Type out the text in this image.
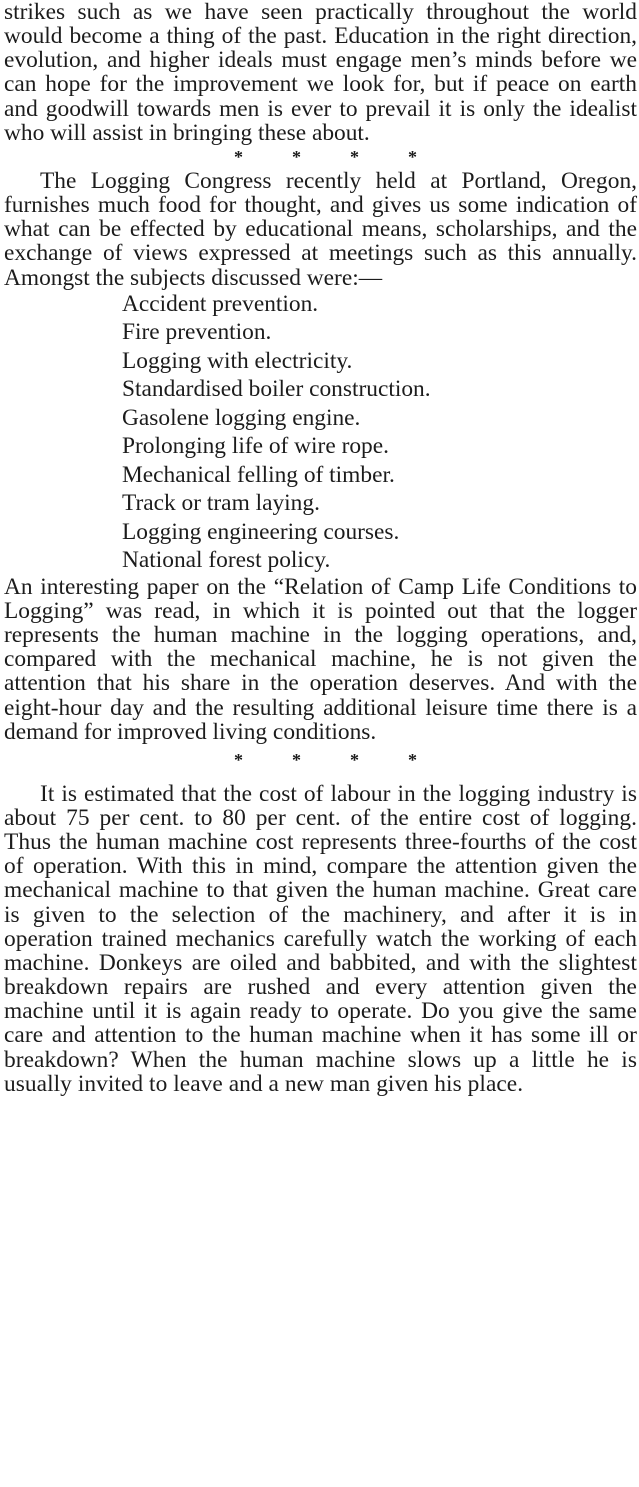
strikes such as we have seen practically throughout the world would become a thing of the past. Education in the right direction, evolution, and higher ideals must engage men’s minds before we can hope for the improvement we look for, but if peace on earth and goodwill towards men is ever to prevail it is only the idealist who will assist in bringing these about.

*	*	*	*

The Logging Congress recently held at Portland, Oregon, furnishes much food for thought, and gives us some indication of what can be effected by educational means, scholarships, and the exchange of views expressed at meetings such as this annually. Amongst the subjects discussed were:—

Accident prevention.
Fire prevention.
Logging with electricity.
Standardised boiler construction.
Gasolene logging engine.
Prolonging life of wire rope.
Mechanical felling of timber.
Track or tram laying.
Logging engineering courses.
National forest policy.

An interesting paper on the “Relation of Camp Life Conditions to Logging” was read, in which it is pointed out that the logger represents the human machine in the logging operations, and, compared with the mechanical machine, he is not given the attention that his share in the operation deserves. And with the eight-hour day and the resulting additional leisure time there is a demand for improved living conditions.

*	*	*	*

It is estimated that the cost of labour in the logging industry is about 75 per cent. to 80 per cent. of the entire cost of logging. Thus the human machine cost represents three-fourths of the cost of operation. With this in mind, compare the attention given the mechanical machine to that given the human machine. Great care is given to the selection of the machinery, and after it is in operation trained mechanics carefully watch the working of each machine. Donkeys are oiled and babbited, and with the slightest breakdown repairs are rushed and every attention given the machine until it is again ready to operate. Do you give the same care and attention to the human machine when it has some ill or breakdown? When the human machine slows up a little he is usually invited to leave and a new man given his place.
